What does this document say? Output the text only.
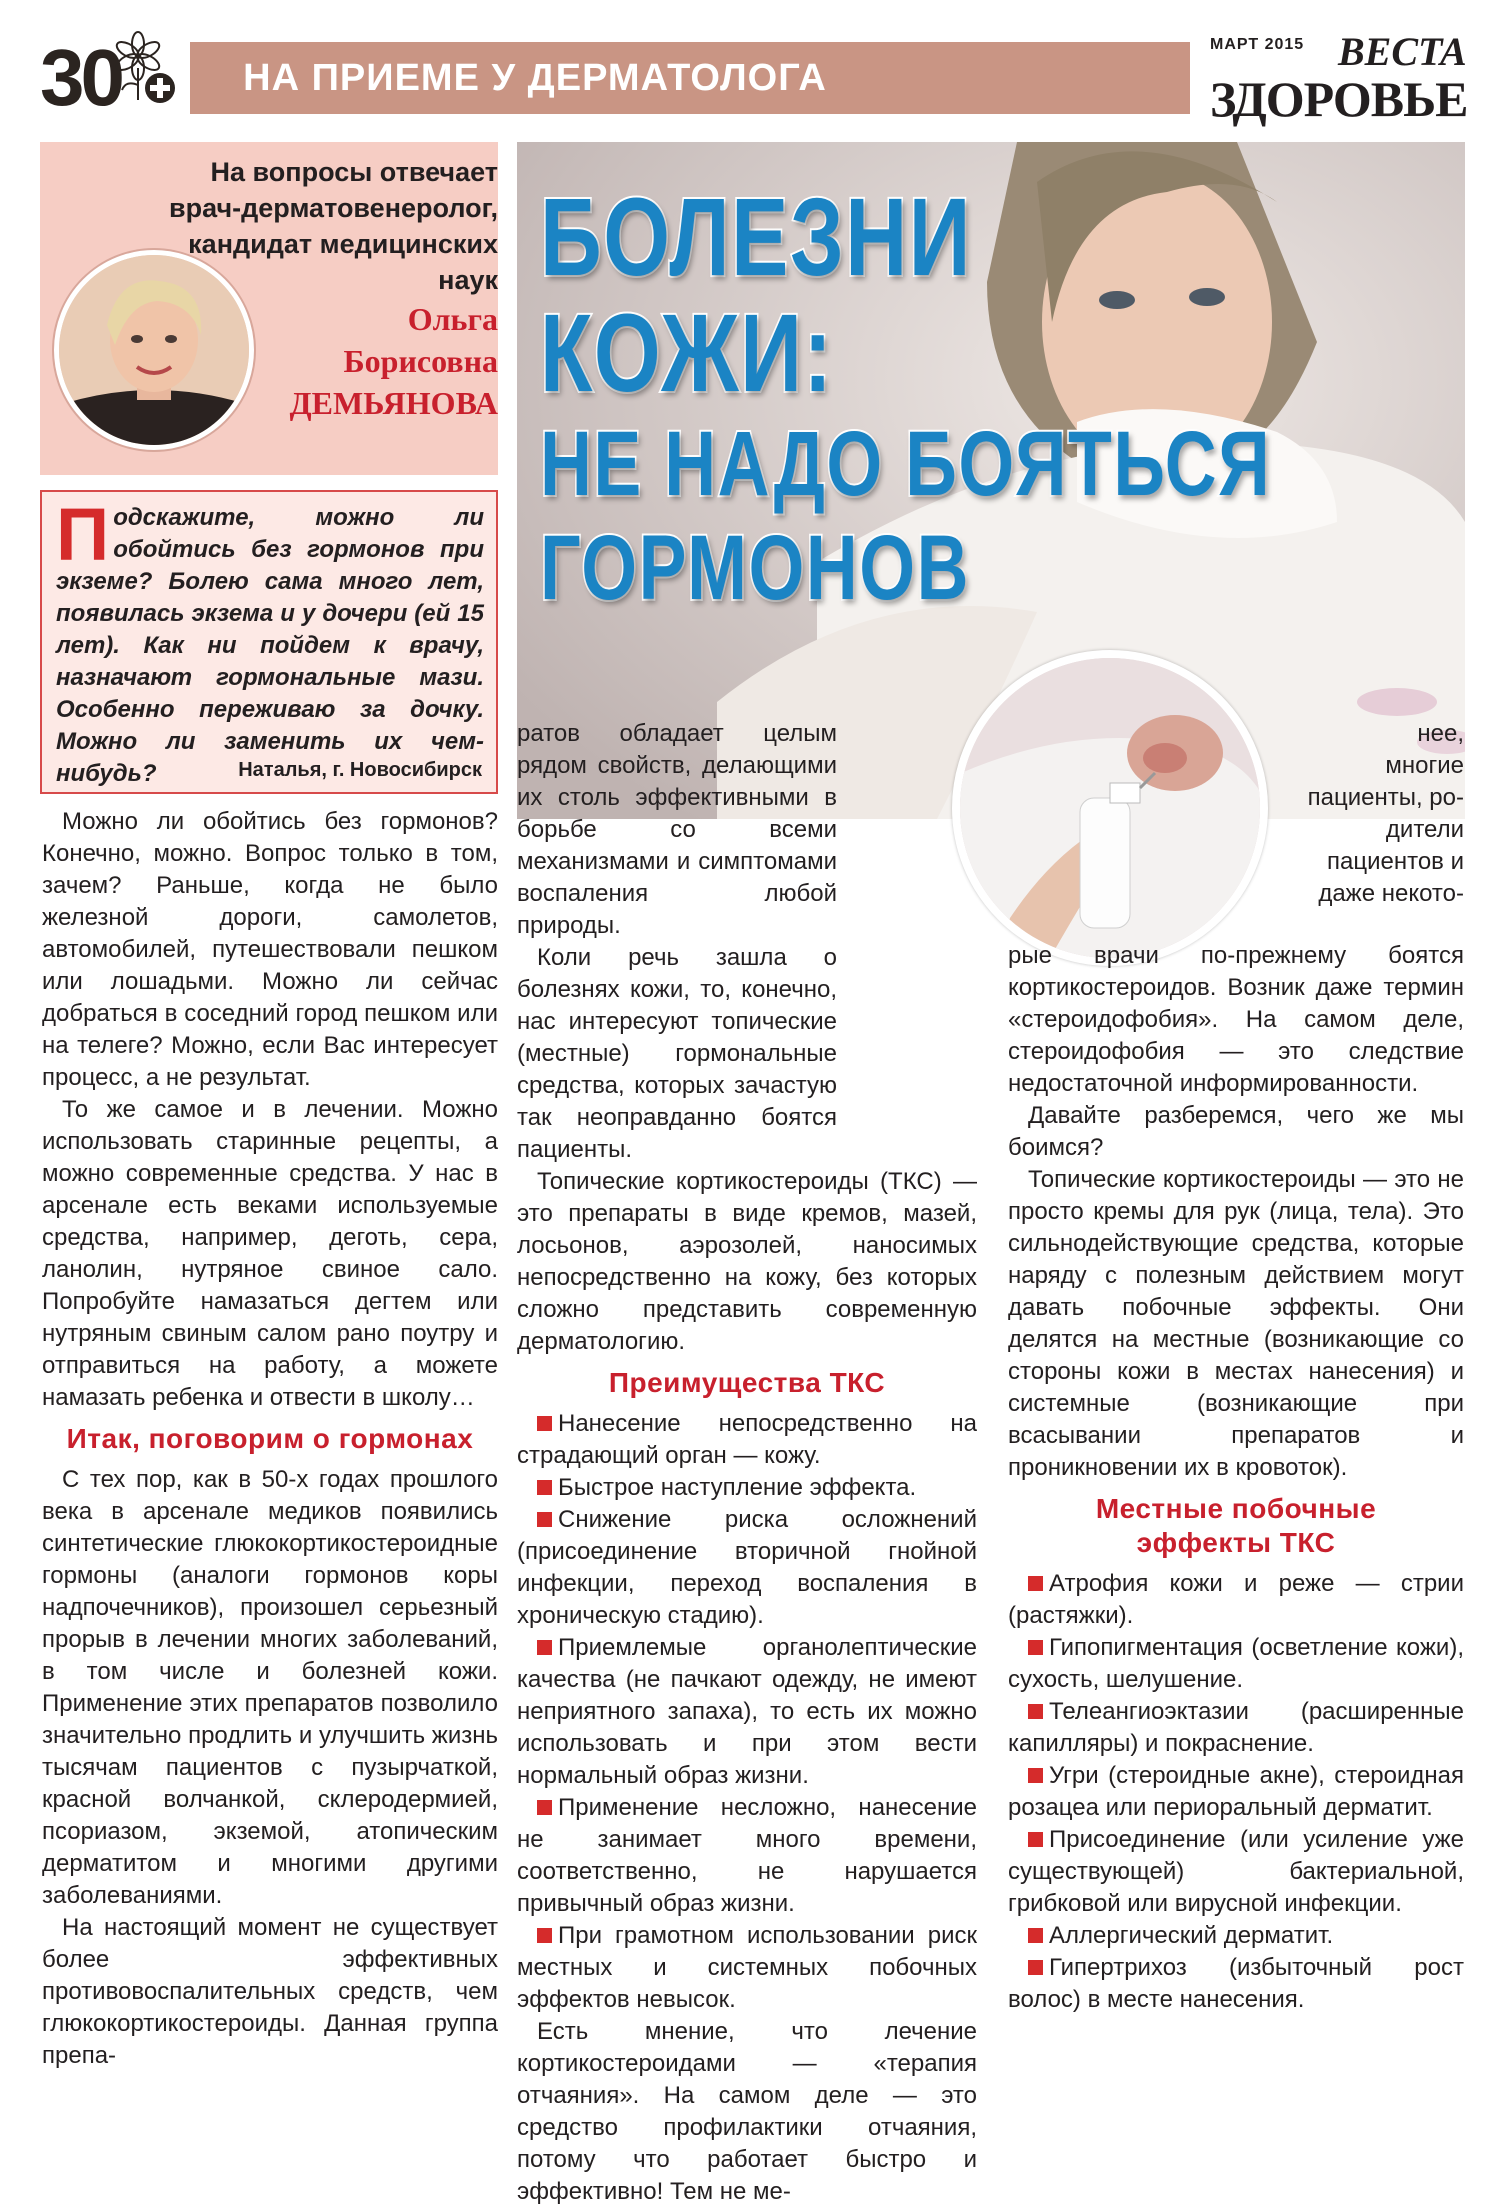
30	НА ПРИЕМЕ У ДЕРМАТОЛОГА
МАРТ 2015 ВЕСТА
ЗДОРОВЬЕ
На вопросы отвечает
врач-дерматовенеролог,
кандидат медицинских
наук
Ольга
Борисовна
ДЕМЬЯНОВА
Подскажите, можно ли обойтись без гормонов при экземе? Болею сама много лет, появилась экзема и у дочери (ей 15 лет). Как ни пойдем к врачу, назначают гормональные мази. Особенно переживаю за дочку. Можно ли заменить их чем-нибудь?	Наталья, г. Новосибирск
БОЛЕЗНИ
КОЖИ:
НЕ НАДО БОЯТЬСЯ
ГОРМОНОВ

Можно ли обойтись без гормонов? Конечно, можно. Вопрос только в том, зачем? Раньше, когда не было железной дороги, самолетов, автомобилей, путешествовали пешком или лошадьми. Можно ли сейчас добраться в соседний город пешком или на телеге? Можно, если Вас интересует процесс, а не результат.

То же самое и в лечении. Можно использовать старинные рецепты, а можно современные средства. У нас в арсенале есть веками используемые средства, например, деготь, сера, ланолин, нутряное свиное сало. Попробуйте намазаться дегтем или нутряным свиным салом рано поутру и отправиться на работу, а можете намазать ребенка и отвести в школу…

Итак, поговорим о гормонах

С тех пор, как в 50-х годах прошлого века в арсенале медиков появились синтетические глюкокортикостероидные гормоны (аналоги гормонов коры надпочечников), произошел серьезный прорыв в лечении многих заболеваний, в том числе и болезней кожи. Применение этих препаратов позволило значительно продлить и улучшить жизнь тысячам пациентов с пузырчаткой, красной волчанкой, склеродермией, псориазом, экземой, атопическим дерматитом и многими другими заболеваниями.

На настоящий момент не существует более эффективных противовоспалительных средств, чем глюкокортикостероиды. Данная группа препа-

ратов обладает целым рядом свойств, делающими их столь эффективными в борьбе со всеми механизмами и симптомами воспаления любой природы.

Коли речь зашла о болезнях кожи, то, конечно, нас интересуют топические (местные) гормональные средства, которых зачастую так неоправданно боятся пациенты.

Топические кортикостероиды (ТКС) — это препараты в виде кремов, мазей, лосьонов, аэрозолей, наносимых непосредственно на кожу, без которых сложно представить современную дерматологию.

Преимущества ТКС

Нанесение непосредственно на страдающий орган — кожу.

Быстрое наступление эффекта.

Снижение риска осложнений (присоединение вторичной гнойной инфекции, переход воспаления в хроническую стадию).

Приемлемые органолептические качества (не пачкают одежду, не имеют неприятного запаха), то есть их можно использовать и при этом вести нормальный образ жизни.

Применение несложно, нанесение не занимает много времени, соответственно, не нарушается привычный образ жизни.

При грамотном использовании риск местных и системных побочных эффектов невысок.

Есть мнение, что лечение кортикостероидами — «терапия отчаяния». На самом деле — это средство профилактики отчаяния, потому что работает быстро и эффективно! Тем не ме-

нее,
многие
пациенты, ро-
дители
пациентов и
даже некото-

рые врачи по-прежнему боятся кортикостероидов. Возник даже термин «стероидофобия». На самом деле, стероидофобия — это следствие недостаточной информированности.

Давайте разберемся, чего же мы боимся?

Топические кортикостероиды — это не просто кремы для рук (лица, тела). Это сильнодействующие средства, которые наряду с полезным действием могут давать побочные эффекты. Они делятся на местные (возникающие со стороны кожи в местах нанесения) и системные (возникающие при всасывании препаратов и проникновении их в кровоток).

Местные побочные
эффекты ТКС

Атрофия кожи и реже — стрии (растяжки).

Гипопигментация (осветление кожи), сухость, шелушение.

Телеангиоэктазии (расширенные капилляры) и покраснение.

Угри (стероидные акне), стероидная розацеа или периоральный дерматит.

Присоединение (или усиление уже существующей) бактериальной, грибковой или вирусной инфекции.

Аллергический дерматит.

Гипертрихоз (избыточный рост волос) в месте нанесения.
